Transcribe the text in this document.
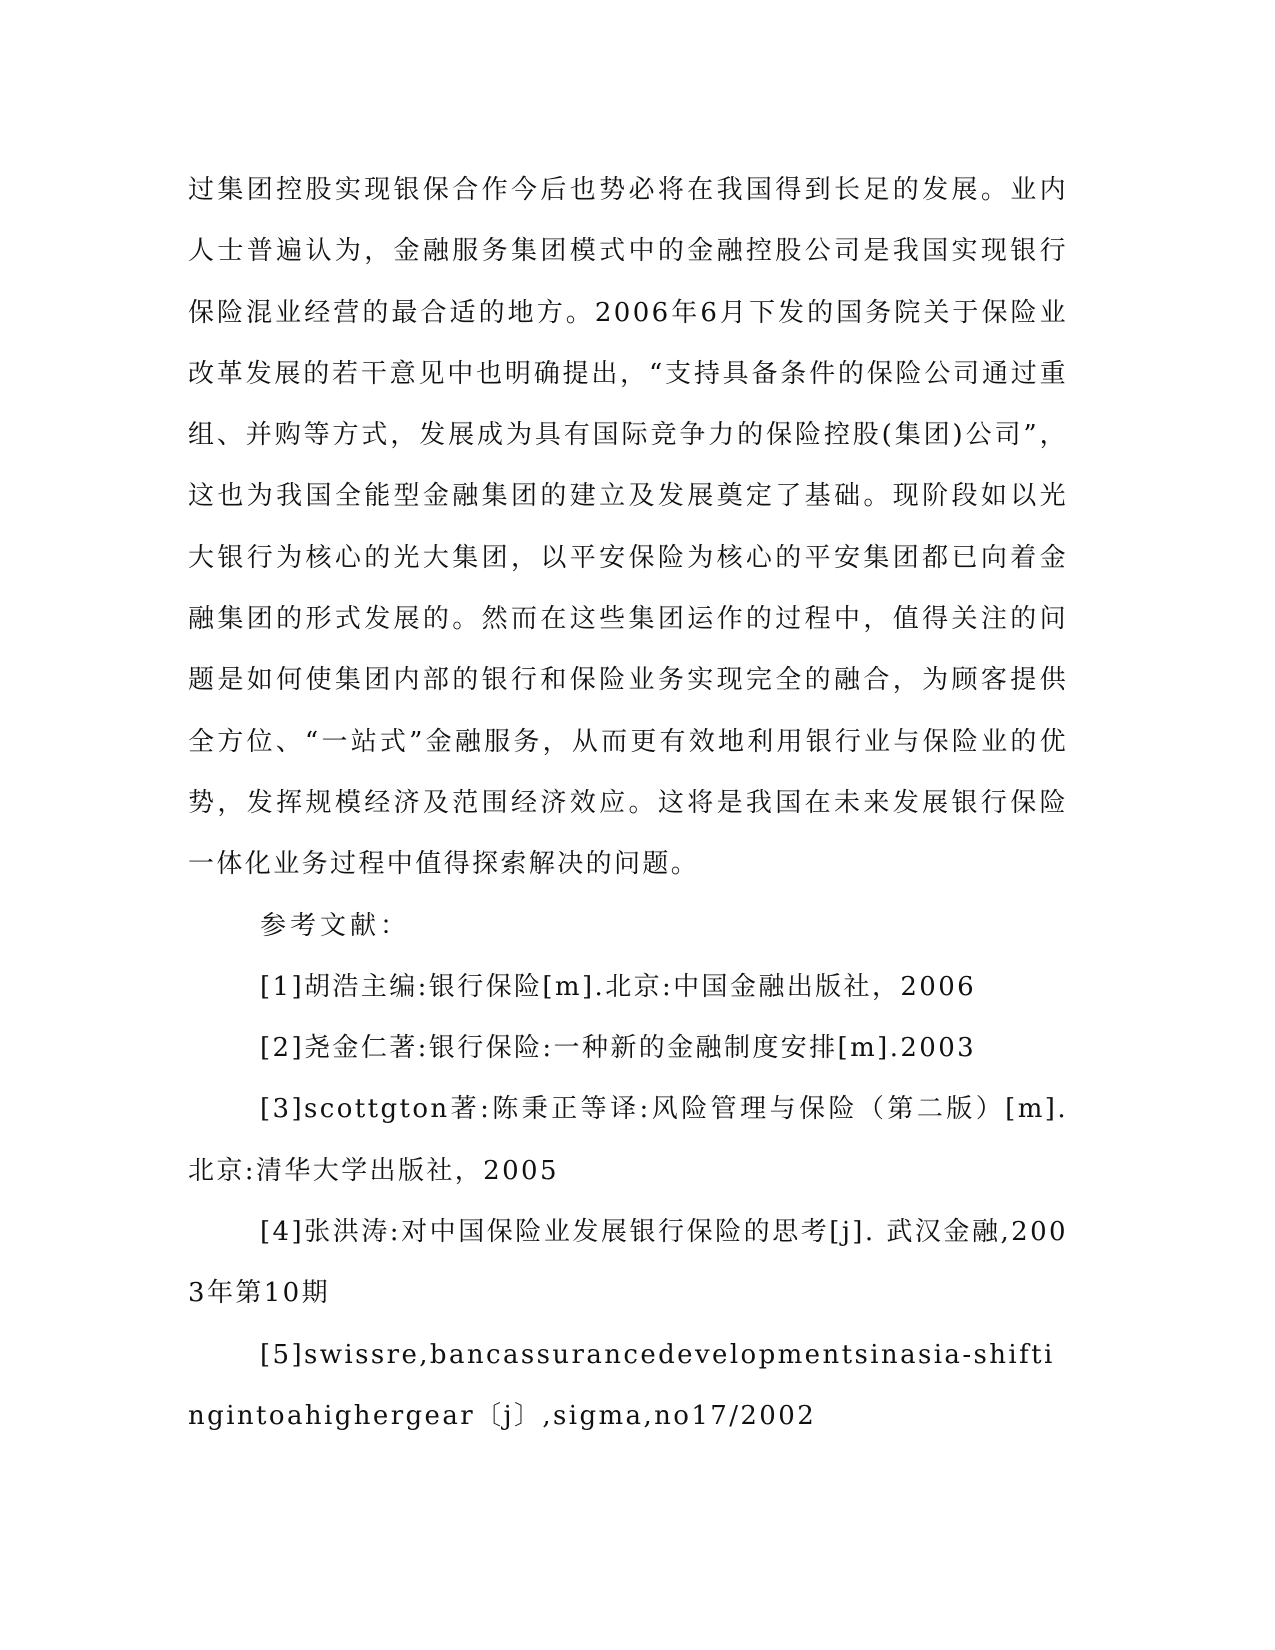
过集团控股实现银保合作今后也势必将在我国得到长足的发展。业内人士普遍认为，金融服务集团模式中的金融控股公司是我国实现银行保险混业经营的最合适的地方。2006年6月下发的国务院关于保险业改革发展的若干意见中也明确提出，“支持具备条件的保险公司通过重组、并购等方式，发展成为具有国际竞争力的保险控股(集团)公司”，这也为我国全能型金融集团的建立及发展奠定了基础。现阶段如以光大银行为核心的光大集团，以平安保险为核心的平安集团都已向着金融集团的形式发展的。然而在这些集团运作的过程中，值得关注的问题是如何使集团内部的银行和保险业务实现完全的融合，为顾客提供全方位、“一站式”金融服务，从而更有效地利用银行业与保险业的优势，发挥规模经济及范围经济效应。这将是我国在未来发展银行保险一体化业务过程中值得探索解决的问题。

参考文献：

[1]胡浩主编:银行保险[m].北京:中国金融出版社，2006

[2]尧金仁著:银行保险:一种新的金融制度安排[m].2003

[3]scottgton著:陈秉正等译:风险管理与保险（第二版）[m].北京:清华大学出版社，2005

[4]张洪涛:对中国保险业发展银行保险的思考[j]. 武汉金融,2003年第10期

[5]swissre,bancassurancedevelopmentsinasia-shiftingintoahighergear〔j〕,sigma,no17/2002
